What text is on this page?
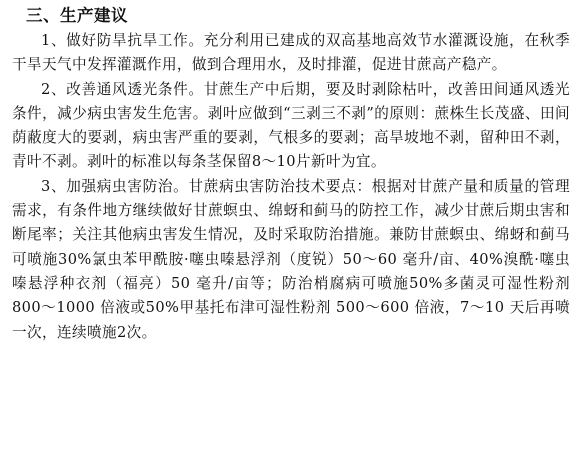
三、生产建议

1、做好防旱抗旱工作。充分利用已建成的双高基地高效节水灌溉设施，在秋季干旱天气中发挥灌溉作用，做到合理用水，及时排灌，促进甘蔗高产稳产。

2、改善通风透光条件。甘蔗生产中后期，要及时剥除枯叶，改善田间通风透光条件，减少病虫害发生危害。剥叶应做到“三剥三不剥”的原则：蔗株生长茂盛、田间荫蔽度大的要剥，病虫害严重的要剥，气根多的要剥；高旱坡地不剥，留种田不剥，青叶不剥。剥叶的标准以每条茎保留8～10片新叶为宜。

3、加强病虫害防治。甘蔗病虫害防治技术要点：根据对甘蔗产量和质量的管理需求，有条件地方继续做好甘蔗螟虫、绵蚜和蓟马的防控工作，减少甘蔗后期虫害和断尾率；关注其他病虫害发生情况，及时采取防治措施。兼防甘蔗螟虫、绵蚜和蓟马可喷施30%氯虫苯甲酰胺·噻虫嗪悬浮剂（度锐）50～60 毫升/亩、40%溴酰·噻虫嗪悬浮种衣剂（福亮）50 毫升/亩等；防治梢腐病可喷施50%多菌灵可湿性粉剂 800～1000 倍液或50%甲基托布津可湿性粉剂 500～600 倍液，7～10 天后再喷一次，连续喷施2次。
